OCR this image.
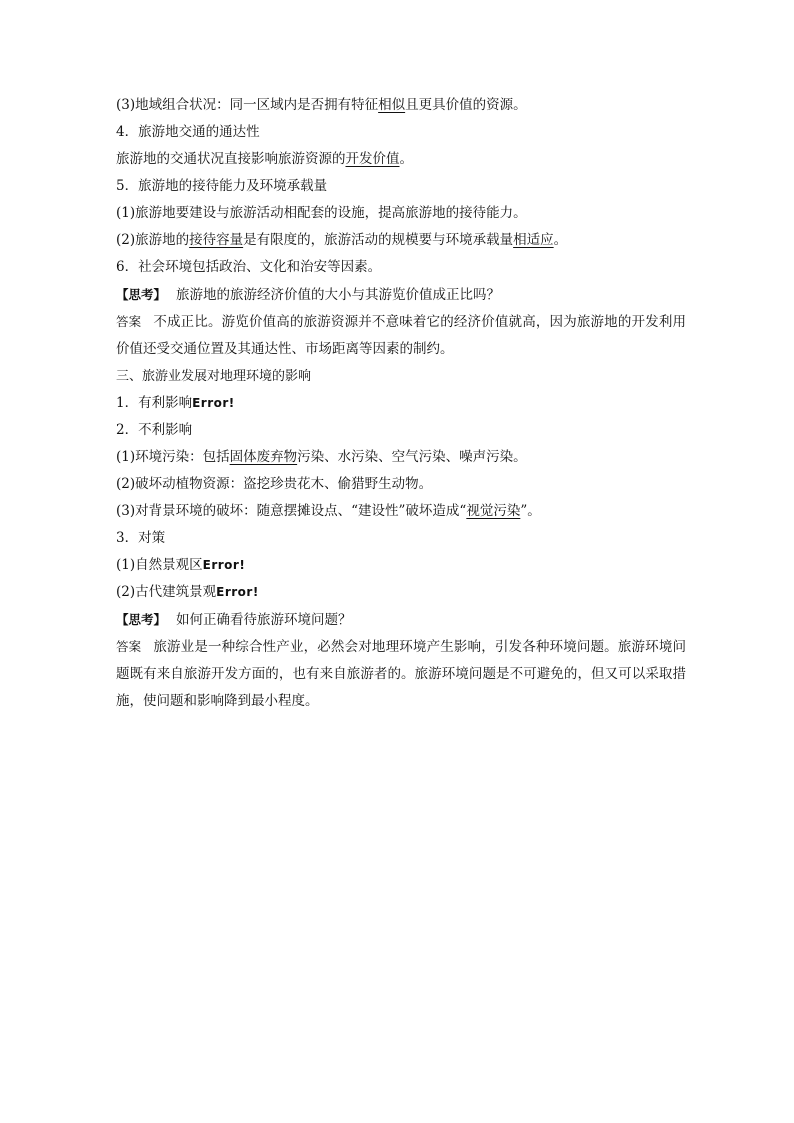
(3)地域组合状况：同一区域内是否拥有特征相似且更具价值的资源。
4．旅游地交通的通达性
旅游地的交通状况直接影响旅游资源的开发价值。
5．旅游地的接待能力及环境承载量
(1)旅游地要建设与旅游活动相配套的设施，提高旅游地的接待能力。
(2)旅游地的接待容量是有限度的，旅游活动的规模要与环境承载量相适应。
6．社会环境包括政治、文化和治安等因素。
【思考】 旅游地的旅游经济价值的大小与其游览价值成正比吗？
答案 不成正比。游览价值高的旅游资源并不意味着它的经济价值就高，因为旅游地的开发利用价值还受交通位置及其通达性、市场距离等因素的制约。
三、旅游业发展对地理环境的影响
1．有利影响Error!
2．不利影响
(1)环境污染：包括固体废弃物污染、水污染、空气污染、噪声污染。
(2)破坏动植物资源：盗挖珍贵花木、偷猎野生动物。
(3)对背景环境的破坏：随意摆摊设点、“建设性”破坏造成“视觉污染”。
3．对策
(1)自然景观区Error!
(2)古代建筑景观Error!
【思考】 如何正确看待旅游环境问题？
答案 旅游业是一种综合性产业，必然会对地理环境产生影响，引发各种环境问题。旅游环境问题既有来自旅游开发方面的，也有来自旅游者的。旅游环境问题是不可避免的，但又可以采取措施，使问题和影响降到最小程度。
